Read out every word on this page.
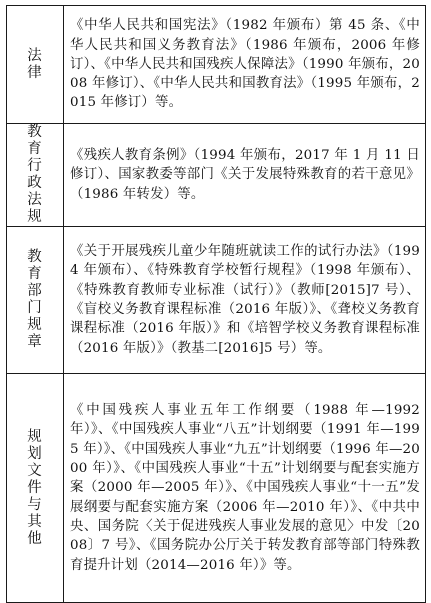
法律	《中华人民共和国宪法》（1982 年颁布）第 45 条、《中华人民共和国义务教育法》（1986 年颁布，2006 年修订）、《中华人民共和国残疾人保障法》（1990 年颁布，2008 年修订）、《中华人民共和国教育法》（1995 年颁布，2015 年修订）等。
教育行政法规	《残疾人教育条例》（1994 年颁布，2017 年 1 月 11 日修订）、国家教委等部门《关于发展特殊教育的若干意见》（1986 年转发）等。
教育部门规章	《关于开展残疾儿童少年随班就读工作的试行办法》（1994 年颁布）、《特殊教育学校暂行规程》（1998 年颁布）、《特殊教育教师专业标准（试行）》（教师[2015]7 号）、《盲校义务教育课程标准（2016 年版）》、《聋校义务教育课程标准（2016 年版）》和《培智学校义务教育课程标准（2016 年版）》（教基二[2016]5 号）等。
规划文件与其他	《中国残疾人事业五年工作纲要（1988 年—1992 年）》、《中国残疾人事业“八五”计划纲要（1991 年—1995 年）》、《中国残疾人事业“九五”计划纲要（1996 年—2000 年）》、《中国残疾人事业“十五”计划纲要与配套实施方案（2000 年—2005 年）》、《中国残疾人事业“十一五”发展纲要与配套实施方案（2006 年—2010 年）》、《中共中央、国务院〈关于促进残疾人事业发展的意见〉中发〔2008〕7 号》、《国务院办公厅关于转发教育部等部门特殊教育提升计划（2014—2016 年）》等。
